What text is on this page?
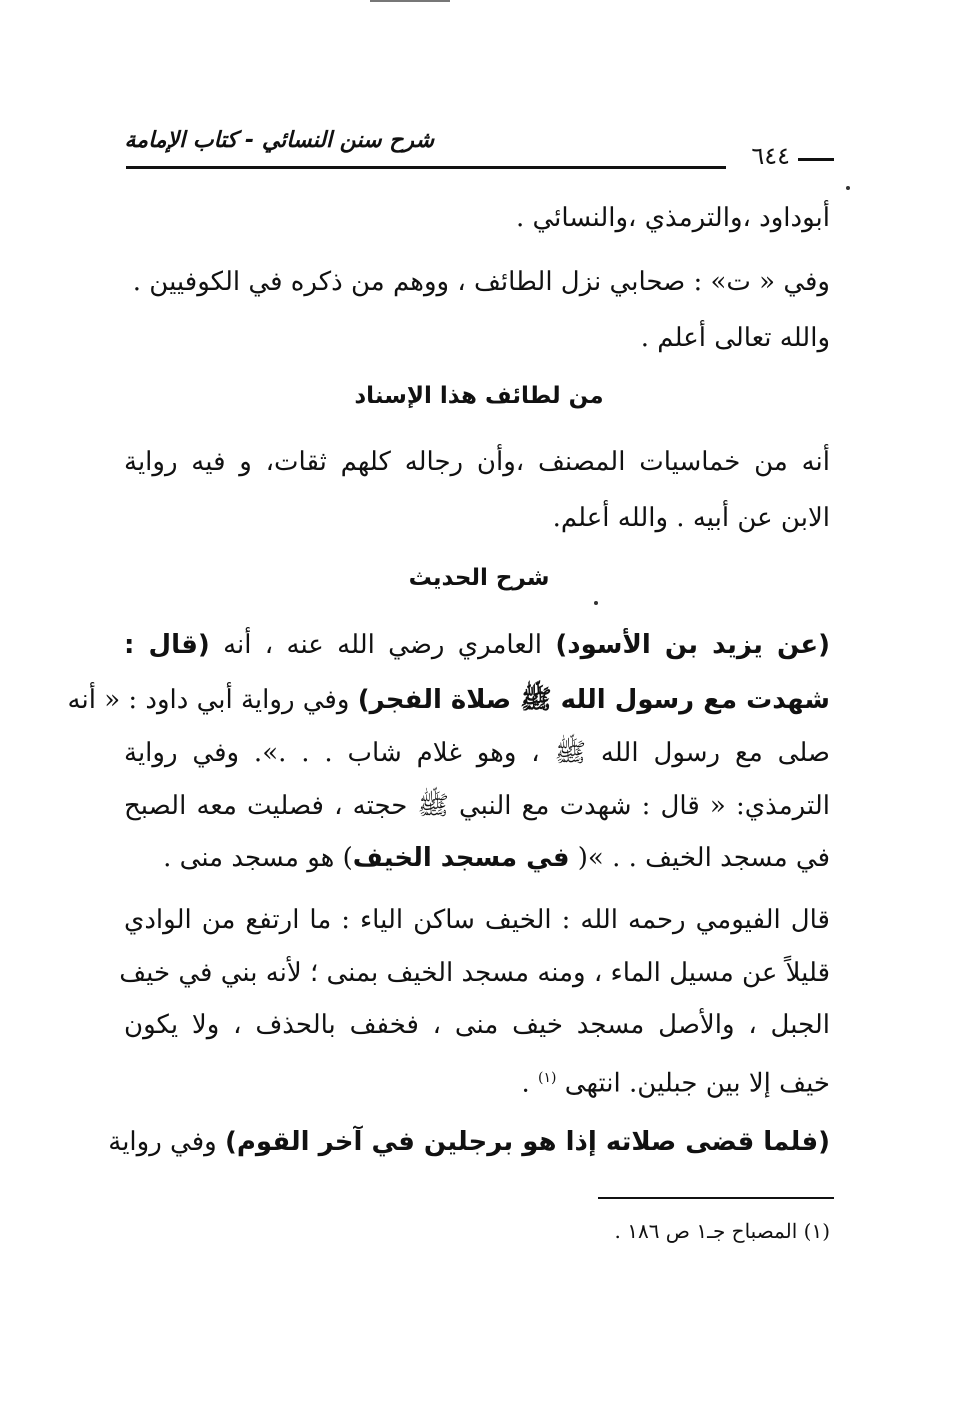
شرح سنن النسائي - كتاب الإمامة
٦٤٤
أبوداود ،والترمذي ،والنسائي .
وفي « ت» : صحابي نزل الطائف ، ووهم من ذكره في الكوفيين .
والله تعالى أعلم .
من لطائف هذا الإسناد
أنه من خماسيات المصنف ،وأن رجاله كلهم ثقات، و فيه رواية
الابن عن أبيه . والله أعلم.
شرح الحديث
(عن يزيد بن الأسود) العامري رضي الله عنه ، أنه (قال :
شهدت مع رسول الله ﷺ صلاة الفجر) وفي رواية أبي داود : « أنه
صلى مع رسول الله ﷺ ، وهو غلام شاب . . .». وفي رواية
الترمذي: « قال : شهدت مع النبي ﷺ حجته ، فصليت معه الصبح
في مسجد الخيف . . »( في مسجد الخيف) هو مسجد منى .
قال الفيومي رحمه الله : الخيف ساكن الياء : ما ارتفع من الوادي
قليلاً عن مسيل الماء ، ومنه مسجد الخيف بمنى ؛ لأنه بني في خيف
الجبل ، والأصل مسجد خيف منى ، فخفف بالحذف ، ولا يكون
خيف إلا بين جبلين. انتهى $^{(١)}$ .
(فلما قضى صلاته إذا هو برجلين في آخر القوم) وفي رواية
(١) المصباح جـ١ ص ١٨٦ .
